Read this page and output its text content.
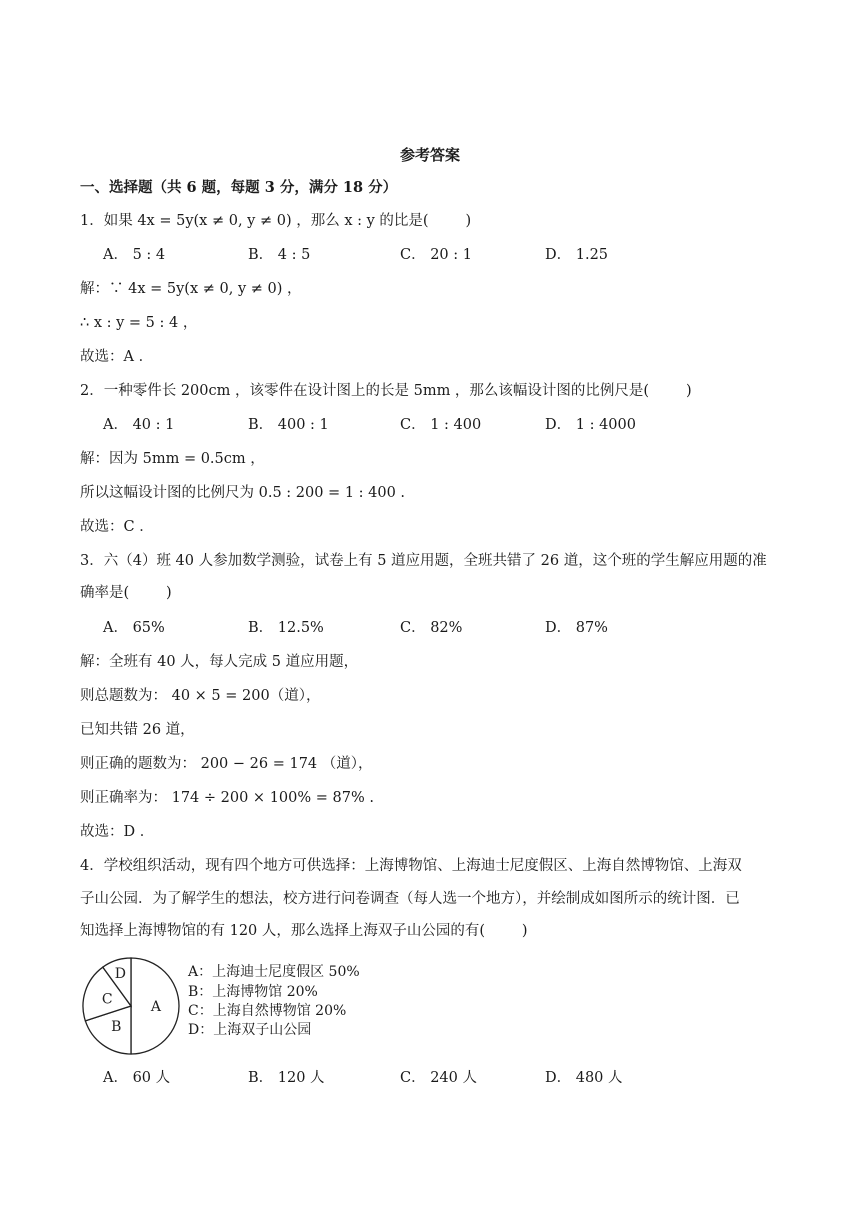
参考答案
一、选择题（共 6 题，每题 3 分，满分 18 分）
1．如果 4x = 5y(x ≠ 0, y ≠ 0) ，那么 x : y 的比是(        )
A． 5 : 4	B． 4 : 5	C． 20 : 1	D． 1.25
解：∵ 4x = 5y(x ≠ 0, y ≠ 0) ，
∴ x : y = 5 : 4 ，
故选：A ．
2．一种零件长 200cm ，该零件在设计图上的长是 5mm ，那么该幅设计图的比例尺是(        )
A． 40 : 1	B． 400 : 1	C． 1 : 400	D． 1 : 4000
解：因为 5mm = 0.5cm ，
所以这幅设计图的比例尺为 0.5 : 200 = 1 : 400 .
故选：C ．
3．六（4）班 40 人参加数学测验，试卷上有 5 道应用题，全班共错了 26 道，这个班的学生解应用题的准
确率是(        )
A． 65%	B． 12.5%	C． 82%	D． 87%
解：全班有 40 人，每人完成 5 道应用题，
则总题数为： 40 × 5 = 200（道），
已知共错 26 道，
则正确的题数为： 200 − 26 = 174 （道），
则正确率为： 174 ÷ 200 × 100% = 87% .
故选：D ．
4．学校组织活动，现有四个地方可供选择：上海博物馆、上海迪士尼度假区、上海自然博物馆、上海双
子山公园．为了解学生的想法，校方进行问卷调查（每人选一个地方），并绘制成如图所示的统计图．已
知选择上海博物馆的有 120 人，那么选择上海双子山公园的有(        )
A
B
C
D	A：上海迪士尼度假区 50%
B：上海博物馆 20%
C：上海自然博物馆 20%
D：上海双子山公园
A． 60 人	B． 120 人	C． 240 人	D． 480 人
